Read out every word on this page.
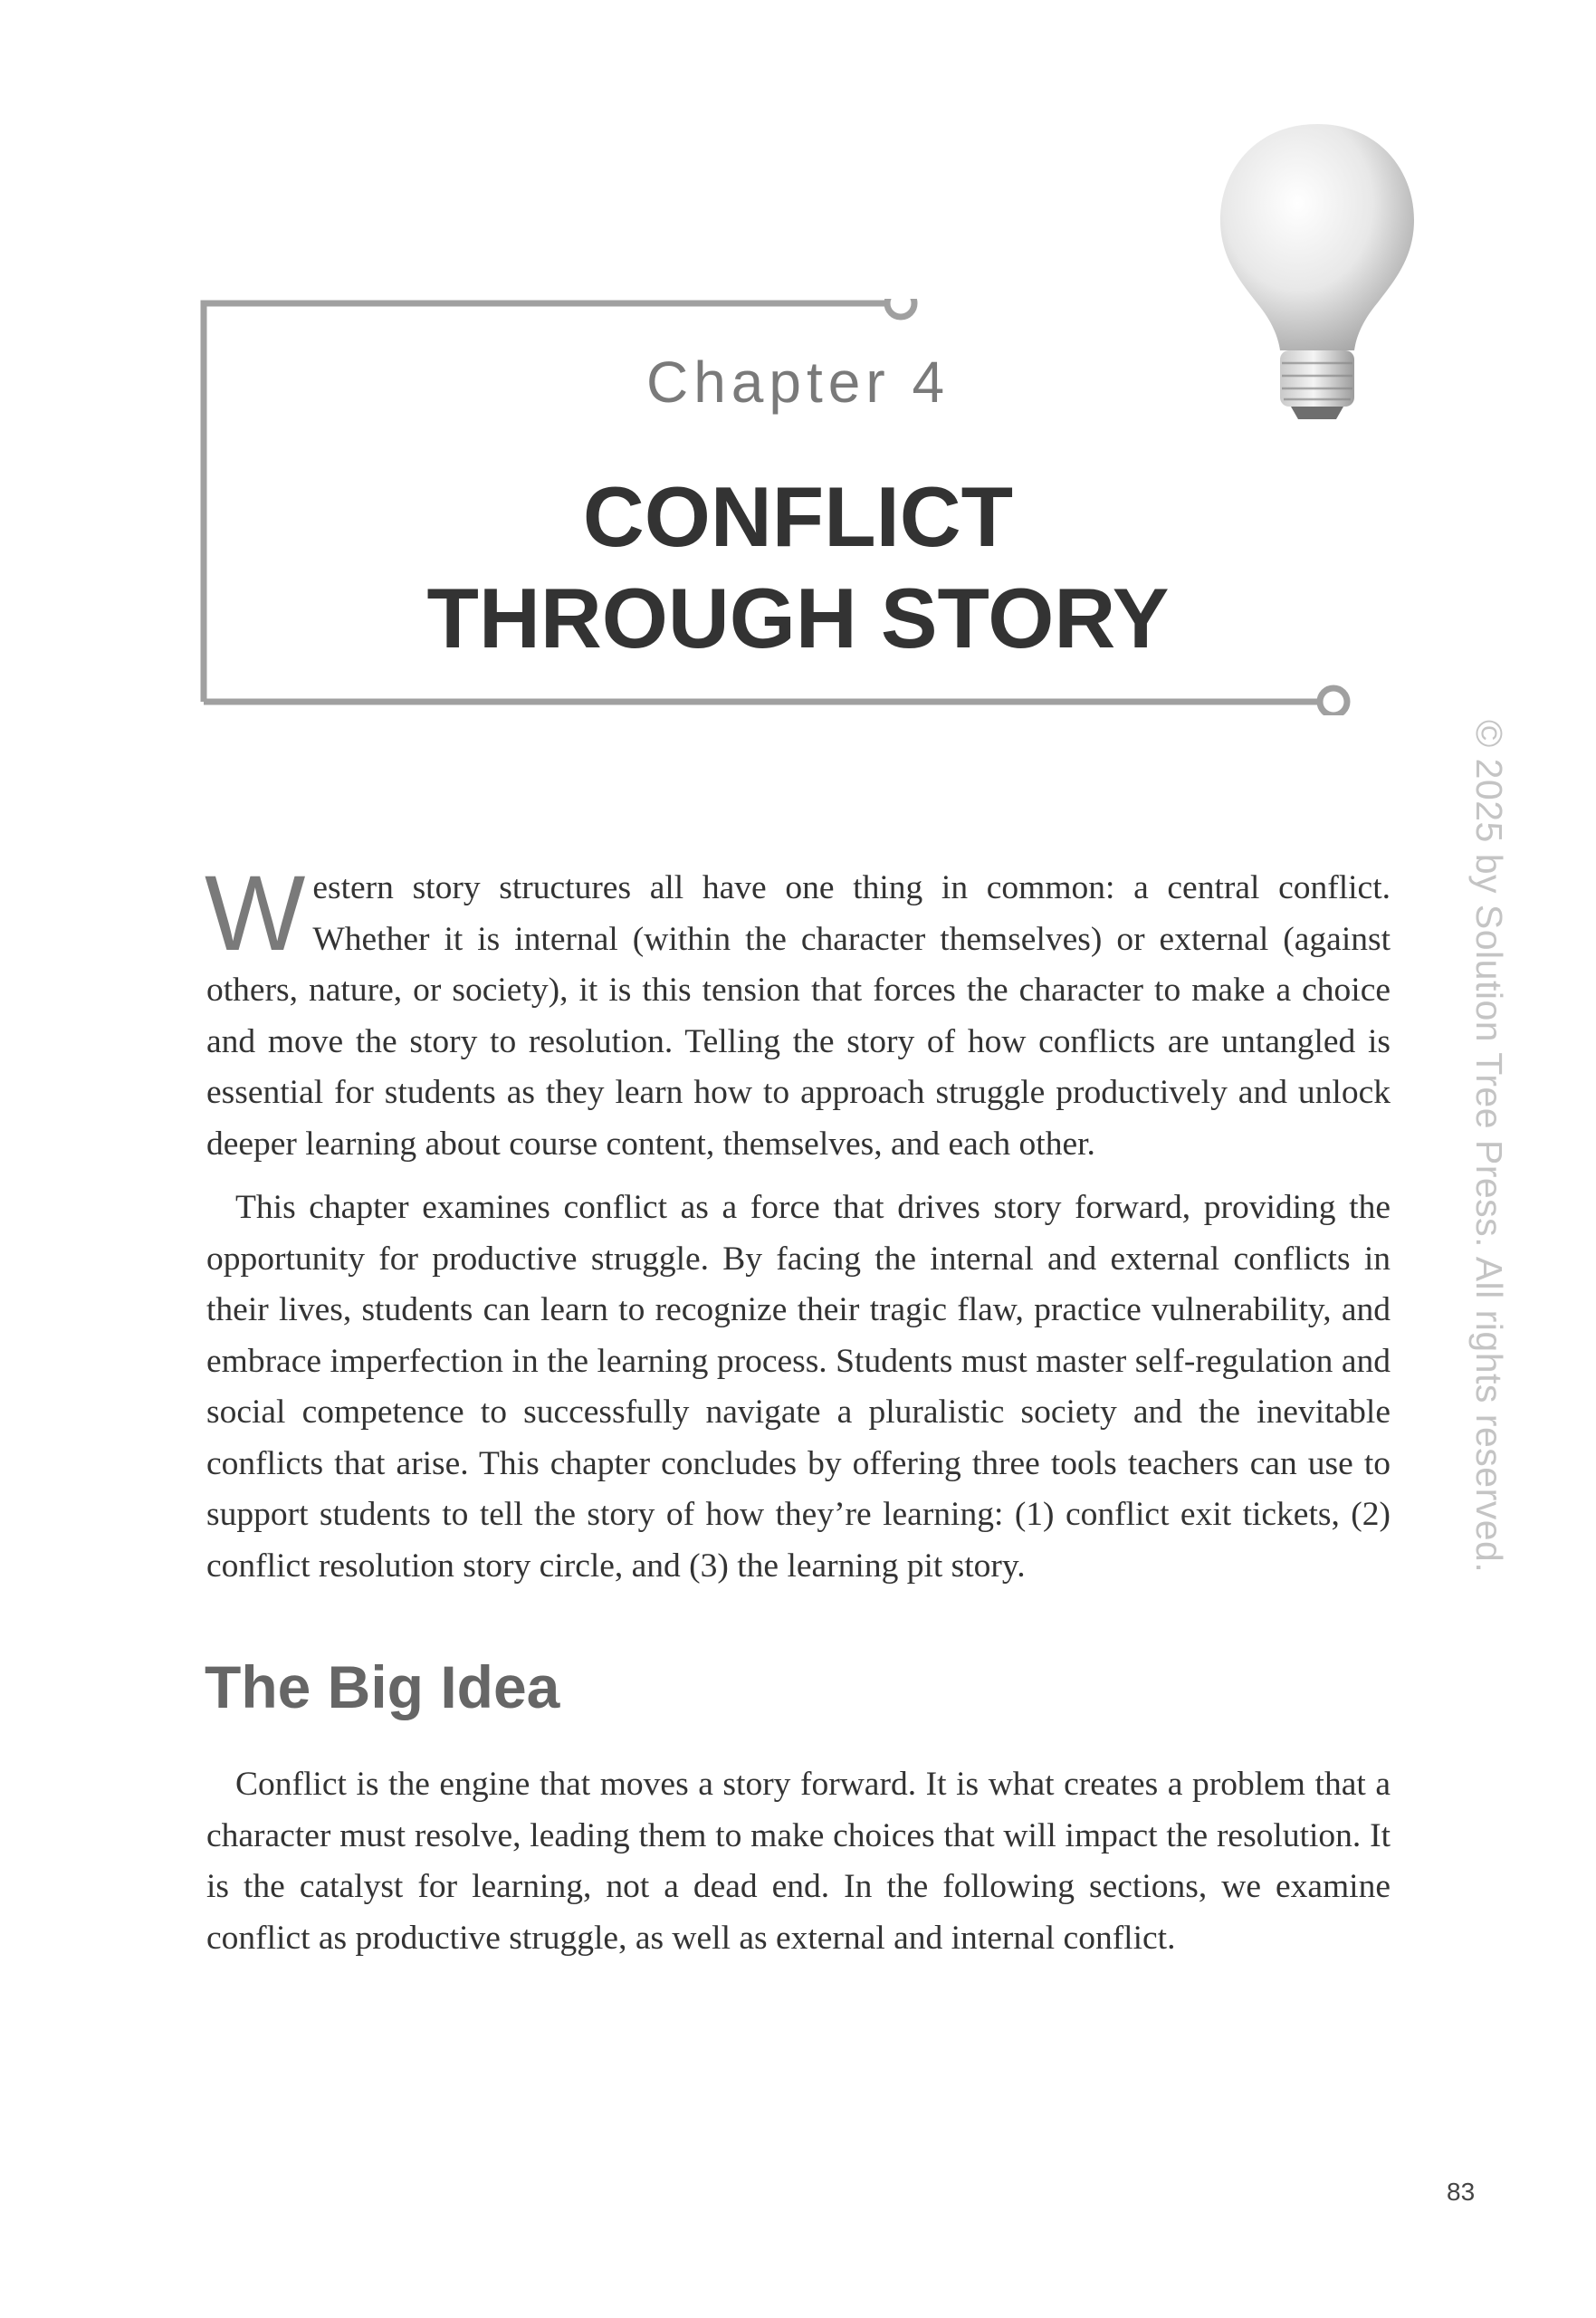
Chapter 4
CONFLICT
THROUGH STORY
© 2025 by Solution Tree Press. All rights reserved.

Western story structures all have one thing in common: a central conflict. Whether it is internal (within the character themselves) or external (against others, nature, or society), it is this tension that forces the character to make a choice and move the story to resolution. Telling the story of how conflicts are untangled is essential for students as they learn how to approach struggle productively and unlock deeper learning about course content, themselves, and each other.

This chapter examines conflict as a force that drives story forward, providing the opportunity for productive struggle. By facing the internal and external conflicts in their lives, students can learn to recognize their tragic flaw, practice vulnerability, and embrace imperfection in the learning process. Students must master self-regulation and social competence to successfully navigate a pluralistic society and the inevitable conflicts that arise. This chapter concludes by offering three tools teachers can use to support students to tell the story of how they’re learning: (1) conflict exit tickets, (2) conflict resolution story circle, and (3) the learning pit story.

The Big Idea

Conflict is the engine that moves a story forward. It is what creates a problem that a character must resolve, leading them to make choices that will impact the resolution. It is the catalyst for learning, not a dead end. In the following sections, we examine conflict as productive struggle, as well as external and internal conflict.

83
